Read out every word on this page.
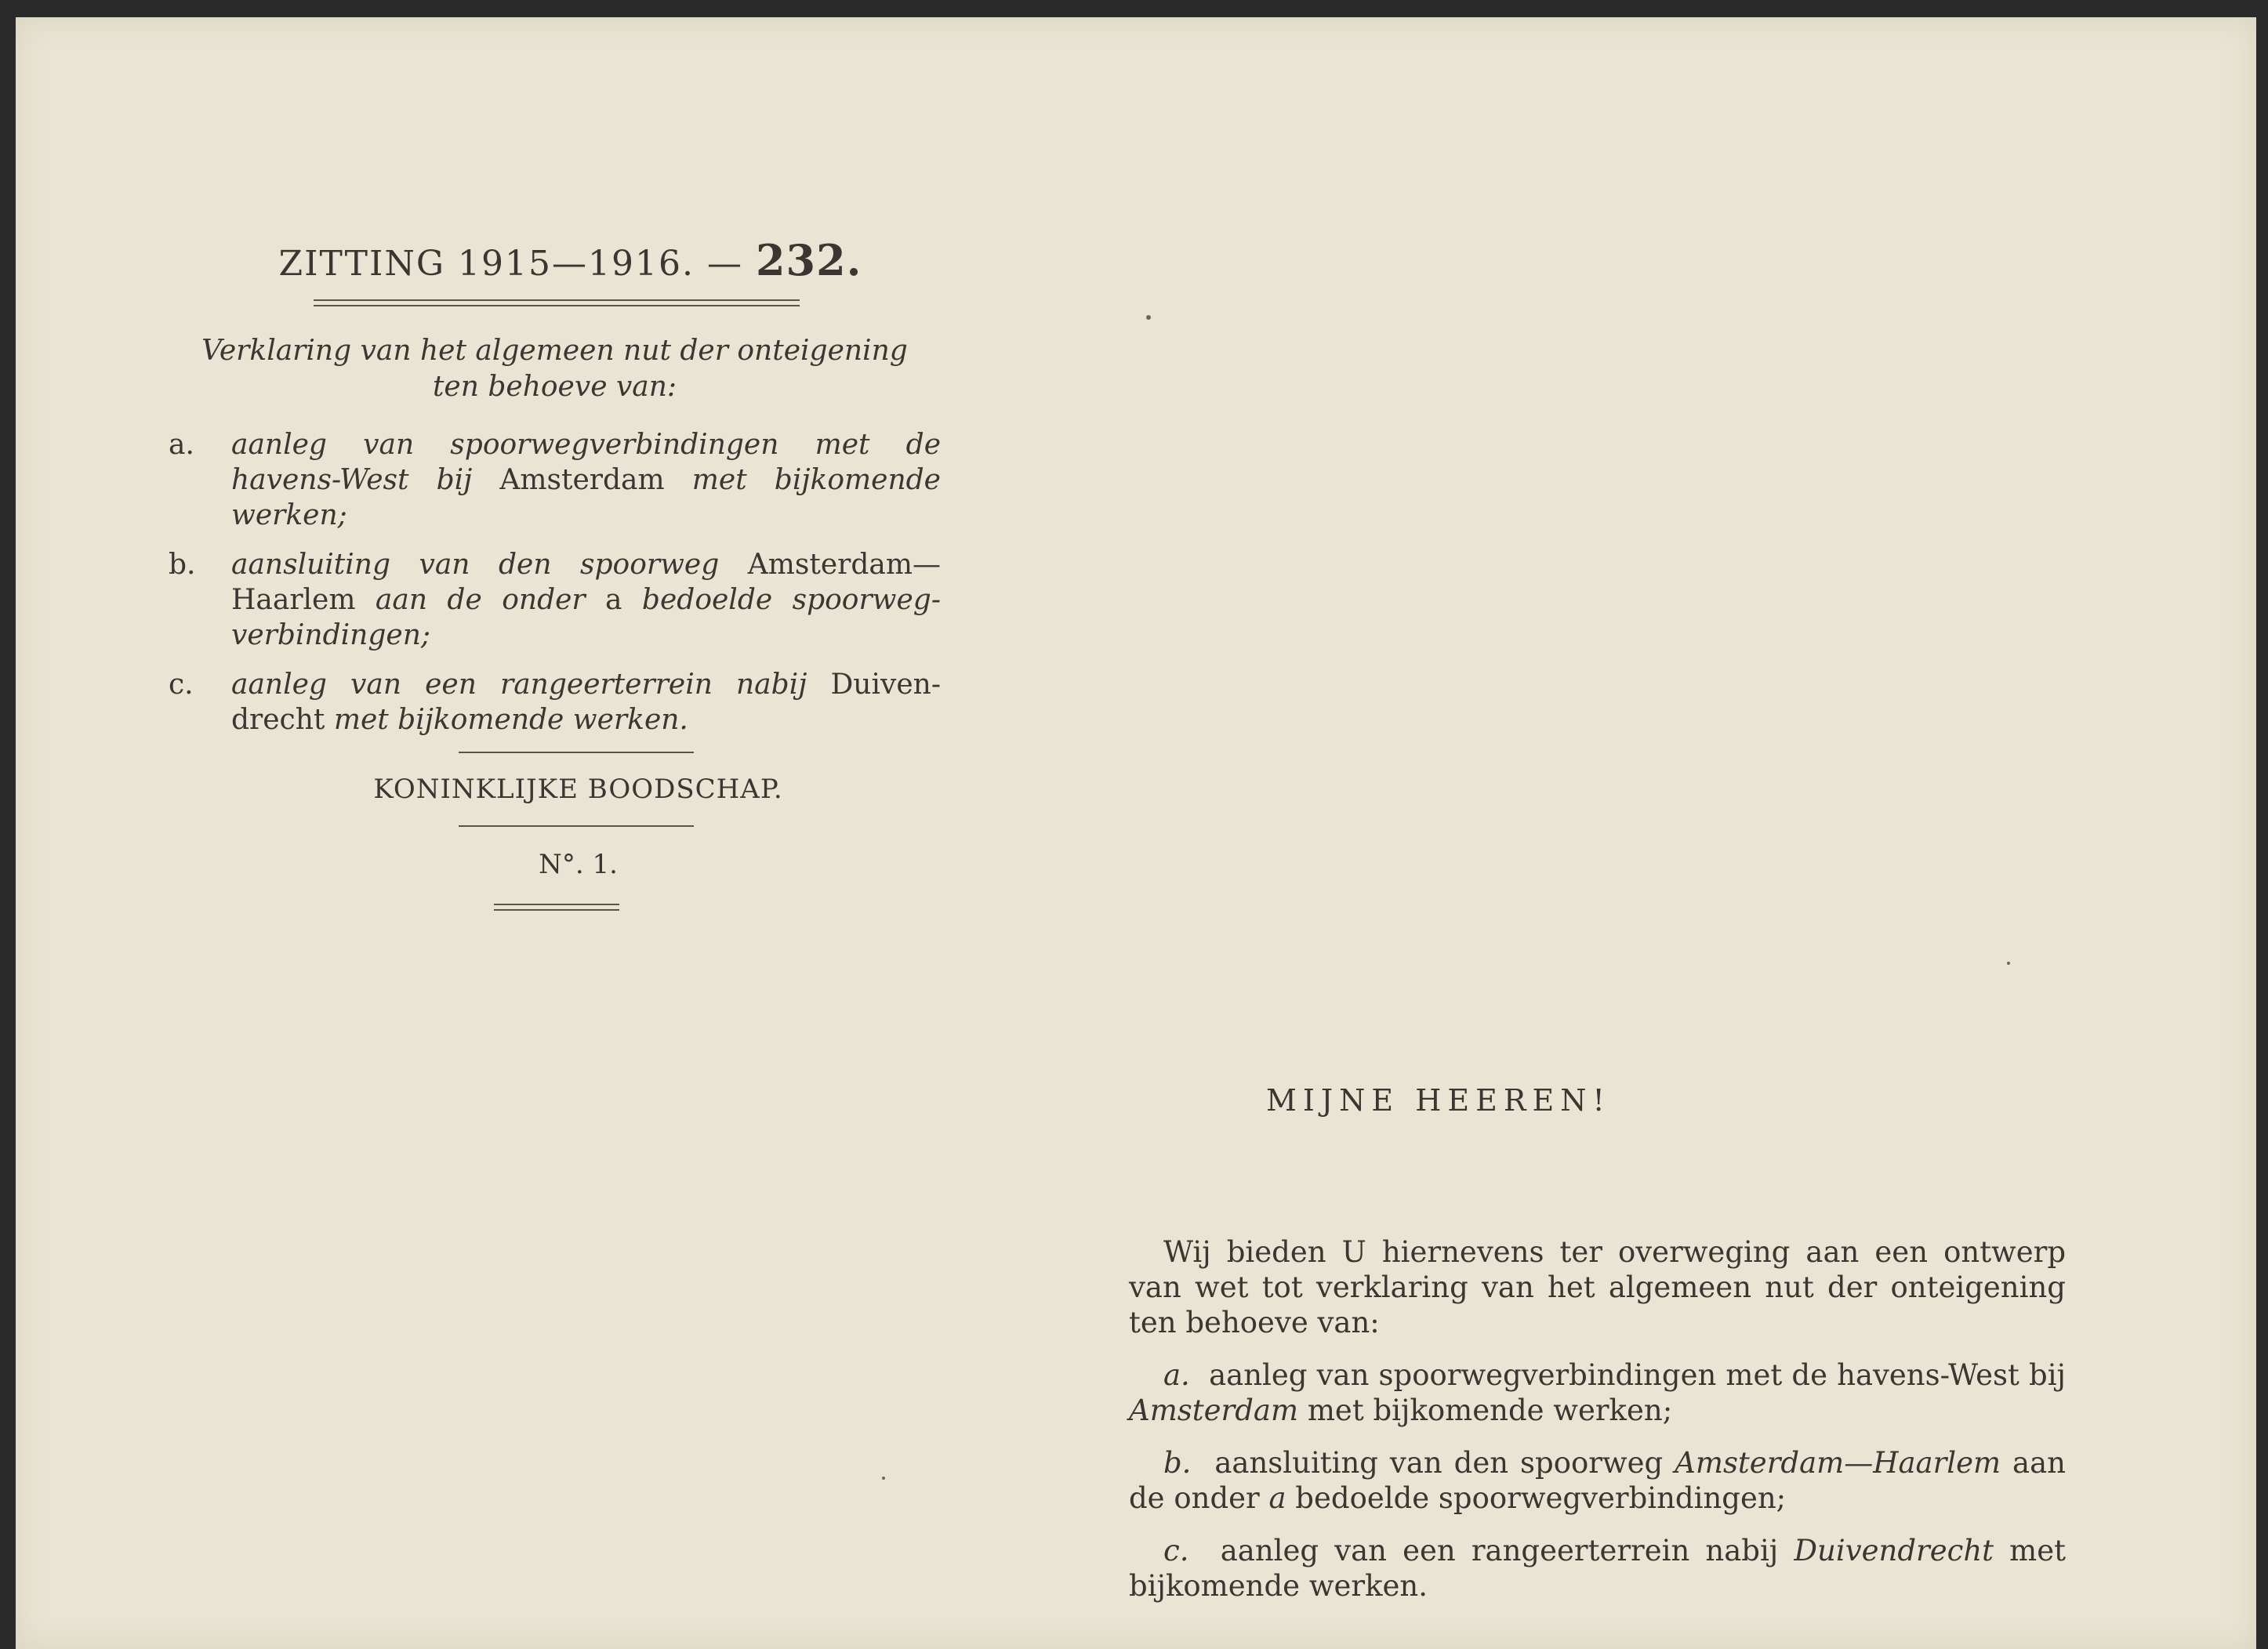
ZITTING 1915—1916. — 232.
Verklaring van het algemeen nut der onteigening
ten behoeve van:
a.	aanleg van spoorwegverbindingen met de havens-West bij Amsterdam met bijkomende werken;
b.	aansluiting van den spoorweg Amsterdam— Haarlem aan de onder a bedoelde spoorweg-verbindingen;
c.	aanleg van een rangeerterrein nabij Duiven-drecht met bijkomende werken.
KONINKLIJKE BOODSCHAP.
N°. 1.
MIJNE HEEREN!

Wij bieden U hiernevens ter overweging aan een ontwerp van wet tot verklaring van het algemeen nut der onteigening ten behoeve van:

a. aanleg van spoorwegverbindingen met de havens-West bij Amsterdam met bijkomende werken;

b. aansluiting van den spoorweg Amsterdam—Haarlem aan de onder a bedoelde spoorwegverbindingen;

c. aanleg van een rangeerterrein nabij Duivendrecht met bijkomende werken.
